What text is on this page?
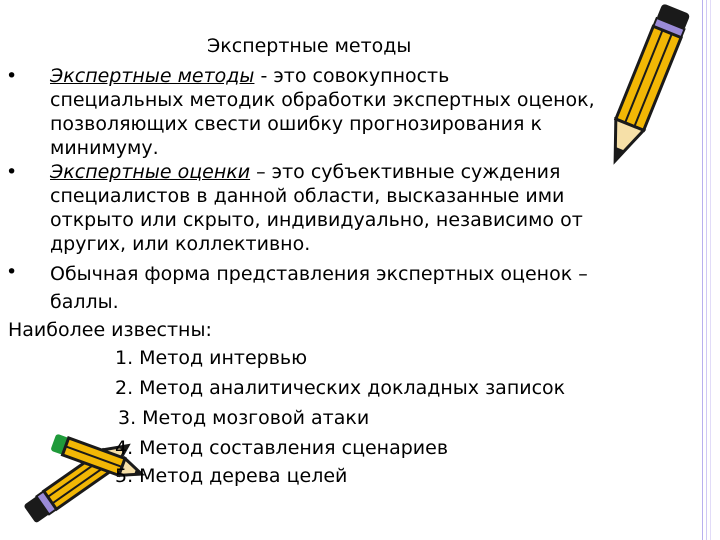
Экспертные методы
• Экспертные методы - это совокупность
специальных методик обработки экспертных оценок,
позволяющих свести ошибку прогнозирования к
минимуму.
• Экспертные оценки – это субъективные суждения
специалистов в данной области, высказанные ими
открыто или скрыто, индивидуально, независимо от
других, или коллективно.
• Обычная форма представления экспертных оценок –
баллы.
Наиболее известны:
1. Метод интервью
2. Метод аналитических докладных записок
3. Метод мозговой атаки
4. Метод составления сценариев
5. Метод дерева целей
